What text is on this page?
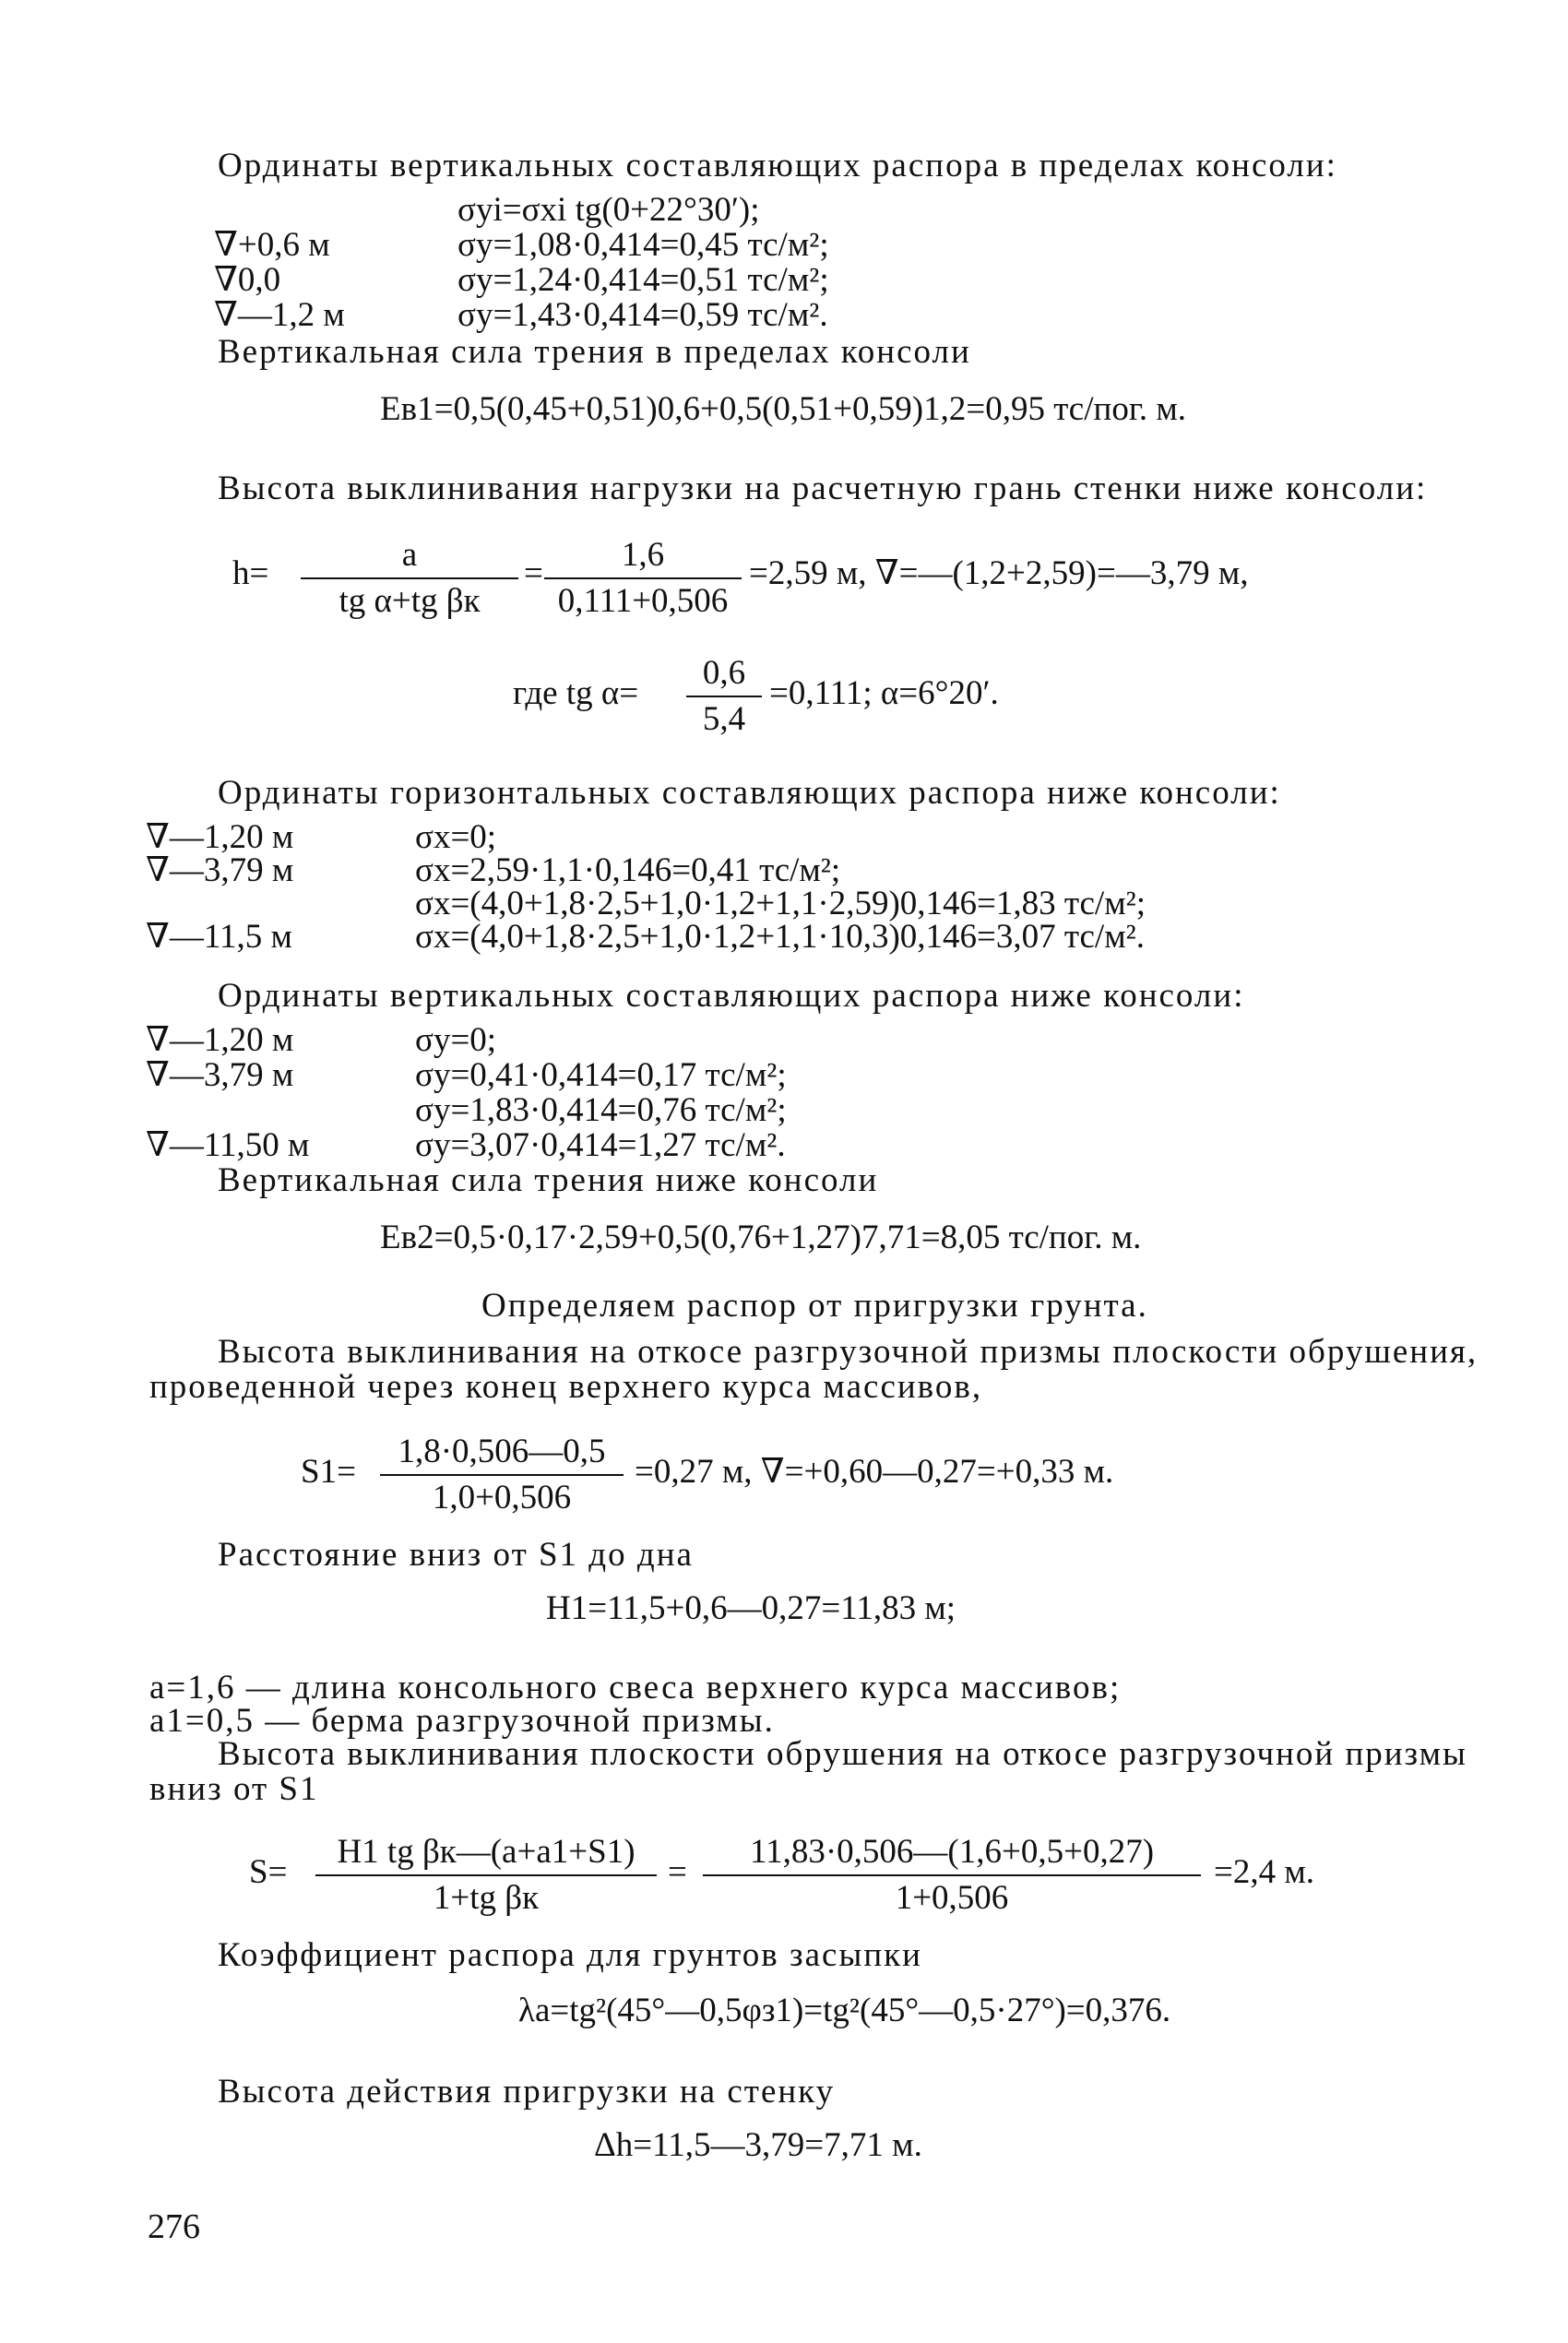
Ординаты вертикальных составляющих распора в пределах консоли:
σyi=σxi tg(0+22°30′);
∇+0,6 м	σy=1,08·0,414=0,45 тс/м²;
∇0,0	σy=1,24·0,414=0,51 тс/м²;
∇—1,2 м	σy=1,43·0,414=0,59 тс/м².
Вертикальная сила трения в пределах консоли
Eв1=0,5(0,45+0,51)0,6+0,5(0,51+0,59)1,2=0,95 тс/пог. м.
Высота выклинивания нагрузки на расчетную грань стенки ниже консоли:
h=	a
tg α+tg βк
= $\frac{1,6}{0,111+0,506} =2,59$ м, ∇=—(1,2+2,59)=—3,79 м,
где tg $\alpha= \frac{0,6}{5,4} =0,111$; α=6°20′.
Ординаты горизонтальных составляющих распора ниже консоли:
∇—1,20 м	σx=0;
∇—3,79 м	σx=2,59·1,1·0,146=0,41 тс/м²;
σx=(4,0+1,8·2,5+1,0·1,2+1,1·2,59)0,146=1,83 тс/м²;
∇—11,5 м	σx=(4,0+1,8·2,5+1,0·1,2+1,1·10,3)0,146=3,07 тс/м².
Ординаты вертикальных составляющих распора ниже консоли:
∇—1,20 м	σy=0;
∇—3,79 м	σy=0,41·0,414=0,17 тс/м²;
σy=1,83·0,414=0,76 тс/м²;
∇—11,50 м	σy=3,07·0,414=1,27 тс/м².
Вертикальная сила трения ниже консоли
Eв2=0,5·0,17·2,59+0,5(0,76+1,27)7,71=8,05 тс/пог. м.
Определяем распор от пригрузки грунта.
Высота выклинивания на откосе разгрузочной призмы плоскости обрушения,
проведенной через конец верхнего курса массивов,
$S1= \frac{1,8\cdot 0,506—0,5}{1,0+0,506} =0,27$ м, ∇=+0,60—0,27=+0,33 м.
Расстояние вниз от S1 до дна
H1=11,5+0,6—0,27=11,83 м;
a=1,6 — длина консольного свеса верхнего курса массивов;
a1=0,5 — берма разгрузочной призмы.
Высота выклинивания плоскости обрушения на откосе разгрузочной призмы
вниз от S1
S=
H1 tg βк—(a+a1+S1)
1+tg βк
= $\frac{11,83\cdot 0,506—(1,6+0,5+0,27)}{1+0,506} =2,4$ м.
Коэффициент распора для грунтов засыпки
λa=tg²(45°—0,5φз1)=tg²(45°—0,5·27°)=0,376.
Высота действия пригрузки на стенку
Δh=11,5—3,79=7,71 м.
276
